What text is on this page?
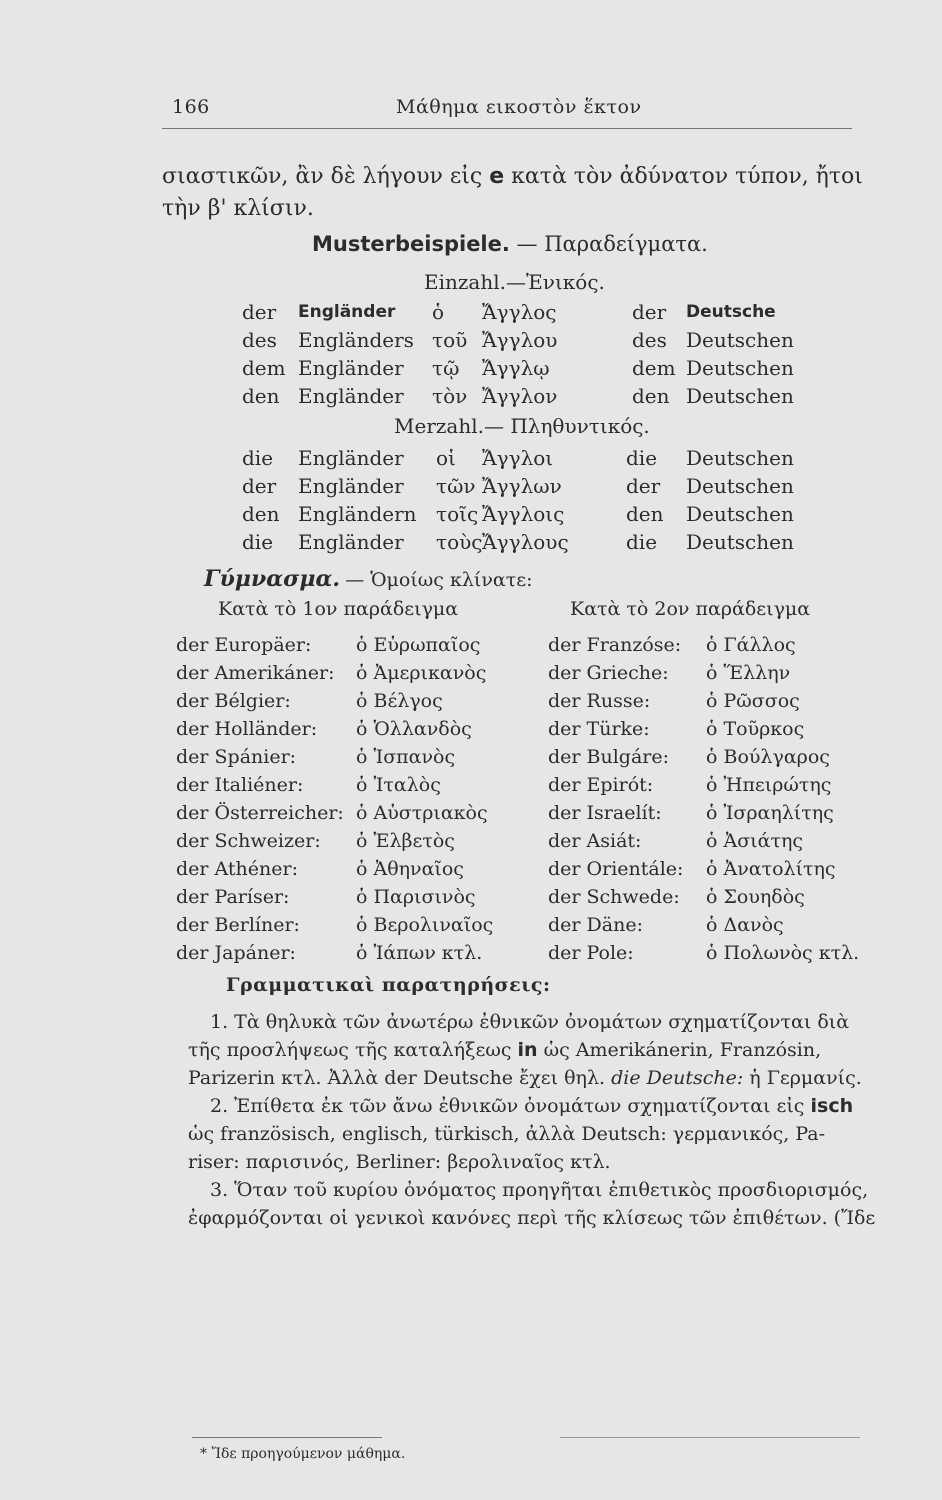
166	Μάθημα εικοστὸν ἕκτον
σιαστικῶν, ἂν δὲ λήγουν εἰς e κατὰ τὸν ἀδύνατον τύπον, ἤτοι
τὴν β' κλίσιν.
Musterbeispiele. — Παραδείγματα.
Einzahl.—Ἑνικός.
der Engländer ὁ Ἄγγλος	der Deutsche
des Engländers τοῦ Ἄγγλου	des Deutschen
dem Engländer τῷ Ἄγγλῳ	dem Deutschen
den Engländer τὸν Ἄγγλον	den Deutschen
Merzahl.— Πληθυντικός.
die Engländer οἱ Ἄγγλοι	die Deutschen
der Engländer τῶν Ἄγγλων	der Deutschen
den Engländern τοῖς Ἄγγλοις	den Deutschen
die Engländer τοὺς Ἄγγλους	die Deutschen
Γύμνασμα. — Ὁμοίως κλίνατε:
Κατὰ τὸ 1ον παράδειγμα	Κατὰ τὸ 2ον παράδειγμα
der Europäer: ὁ Εὐρωπαῖος	der Franzóse: ὁ Γάλλος
der Amerikáner: ὁ Ἀμερικανὸς	der Grieche: ὁ Ἕλλην
der Bélgier:	ὁ Βέλγος	der Russe:	ὁ Ρῶσσος
der Holländer: ὁ Ὁλλανδὸς	der Türke:	ὁ Τοῦρκος
der Spánier:	ὁ Ἱσπανὸς	der Bulgáre: ὁ Βούλγαρος
der Italiéner:	ὁ Ἰταλὸς	der Epirót:	ὁ Ἠπειρώτης
der Österreicher: ὁ Αὐστριακὸς	der Israelít: ὁ Ἰσραηλίτης
der Schweizer: ὁ Ἑλβετὸς	der Asiát:	ὁ Ἀσιάτης
der Athéner:	ὁ Ἀθηναῖος	der Orientále: ὁ Ἀνατολίτης
der Paríser:	ὁ Παρισινὸς	der Schwede: ὁ Σουηδὸς
der Berlíner:	ὁ Βερολιναῖος	der Däne:	ὁ Δανὸς
der Japáner:	ὁ Ἰάπων κτλ.	der Pole:	ὁ Πολωνὸς κτλ.
Γραμματικαὶ παρατηρήσεις:

1. Τὰ θηλυκὰ τῶν ἀνωτέρω ἐθνικῶν ὀνομάτων σχηματίζονται διὰ

τῆς προσλήψεως τῆς καταλήξεως in ὡς Amerikánerin, Franzósin,

Parizerin κτλ. Ἀλλὰ der Deutsche ἔχει θηλ. die Deutsche: ἡ Γερμανίς.

2. Ἐπίθετα ἐκ τῶν ἄνω ἐθνικῶν ὀνομάτων σχηματίζονται εἰς isch

ὡς französisch, englisch, türkisch, ἀλλὰ Deutsch: γερμανικός, Pa-

riser: παρισινός, Berliner: βερολιναῖος κτλ.

3. Ὅταν τοῦ κυρίου ὀνόματος προηγῆται ἐπιθετικὸς προσδιορισμός,

ἐφαρμόζονται οἱ γενικοὶ κανόνες περὶ τῆς κλίσεως τῶν ἐπιθέτων. (Ἴδε

* Ἴδε προηγούμενον μάθημα.
